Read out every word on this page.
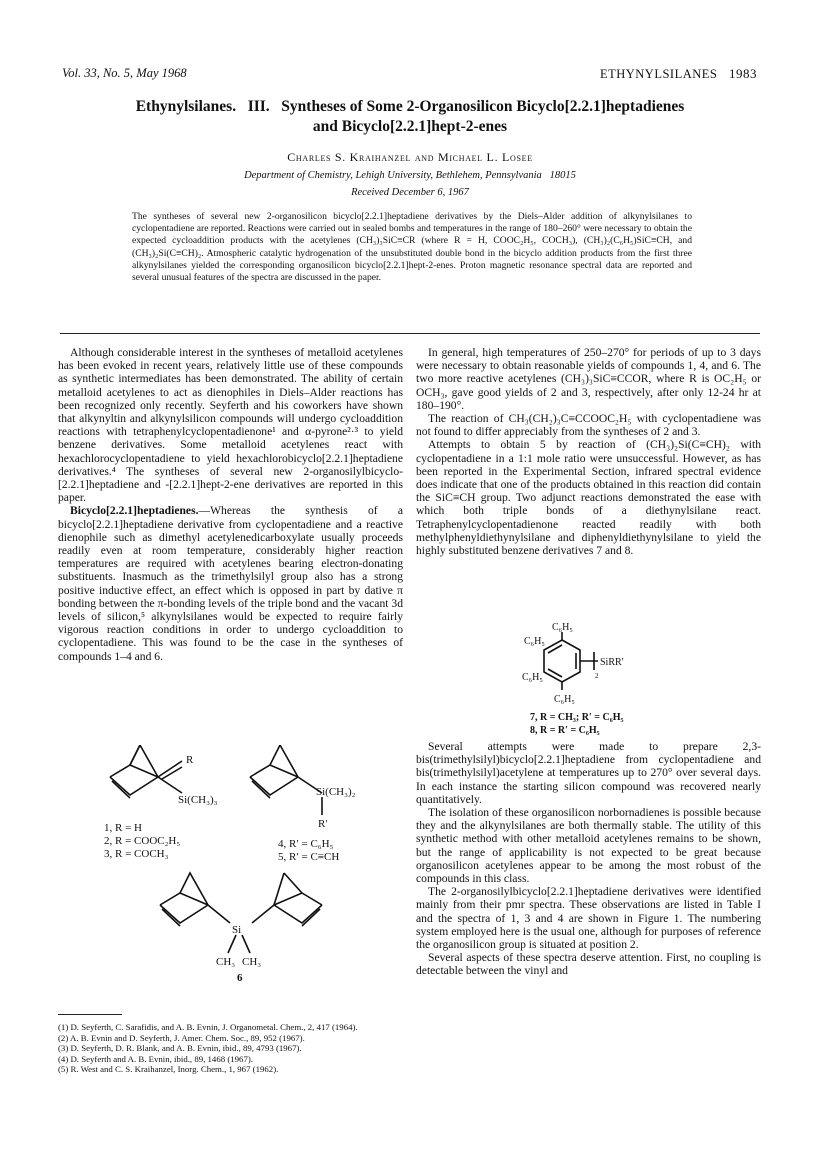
Vol. 33, No. 5, May 1968	ETHYNYLSILANES 1983
Ethynylsilanes.   III.   Syntheses of Some 2-Organosilicon Bicyclo[2.2.1]heptadienes
and Bicyclo[2.2.1]hept-2-enes
Charles S. Kraihanzel and Michael L. Losee
Department of Chemistry, Lehigh University, Bethlehem, Pennsylvania   18015
Received December 6, 1967
The syntheses of several new 2-organosilicon bicyclo[2.2.1]heptadiene derivatives by the Diels–Alder addition of alkynylsilanes to cyclopentadiene are reported. Reactions were carried out in sealed bombs and temperatures in the range of 180–260° were necessary to obtain the expected cycloaddition products with the acetylenes (CH₃)₃SiC≡CR (where R = H, COOC₂H₅, COCH₃), (CH₃)₂(C₆H₅)SiC≡CH, and (CH₃)₂Si(C≡CH)₂. Atmospheric catalytic hydrogenation of the unsubstituted double bond in the bicyclo addition products from the first three alkynylsilanes yielded the corresponding organosilicon bicyclo[2.2.1]hept-2-enes. Proton magnetic resonance spectral data are reported and several unusual features of the spectra are discussed in the paper.

Although considerable interest in the syntheses of metalloid acetylenes has been evoked in recent years, relatively little use of these compounds as synthetic intermediates has been demonstrated. The ability of certain metalloid acetylenes to act as dienophiles in Diels–Alder reactions has been recognized only recently. Seyferth and his coworkers have shown that alkynyltin and alkynylsilicon compounds will undergo cycloaddition reactions with tetraphenylcyclopentadienone¹ and α-pyrone²·³ to yield benzene derivatives. Some metalloid acetylenes react with hexachlorocyclopentadiene to yield hexachlorobicyclo[2.2.1]heptadiene derivatives.⁴ The syntheses of several new 2-organosilylbicyclo-[2.2.1]heptadiene and -[2.2.1]hept-2-ene derivatives are reported in this paper.

Bicyclo[2.2.1]heptadienes.—Whereas the synthesis of a bicyclo[2.2.1]heptadiene derivative from cyclopentadiene and a reactive dienophile such as dimethyl acetylenedicarboxylate usually proceeds readily even at room temperature, considerably higher reaction temperatures are required with acetylenes bearing electron-donating substituents. Inasmuch as the trimethylsilyl group also has a strong positive inductive effect, an effect which is opposed in part by dative π bonding between the π-bonding levels of the triple bond and the vacant 3d levels of silicon,⁵ alkynylsilanes would be expected to require fairly vigorous reaction conditions in order to undergo cycloaddition to cyclopentadiene. This was found to be the case in the syntheses of compounds 1–4 and 6.

R
Si(CH₃)₃
1, R = H
2, R = COOC₂H₅
3, R = COCH₃
Si(CH₃)₂
R′
4, R′ = C₆H₅
5, R′ = C≡CH
Si
CH₃ CH₃
6
(1) D. Seyferth, C. Sarafidis, and A. B. Evnin, J. Organometal. Chem., 2, 417 (1964).
(2) A. B. Evnin and D. Seyferth, J. Amer. Chem. Soc., 89, 952 (1967).
(3) D. Seyferth, D. R. Blank, and A. B. Evnin, ibid., 89, 4793 (1967).
(4) D. Seyferth and A. B. Evnin, ibid., 89, 1468 (1967).
(5) R. West and C. S. Kraihanzel, Inorg. Chem., 1, 967 (1962).

In general, high temperatures of 250–270° for periods of up to 3 days were necessary to obtain reasonable yields of compounds 1, 4, and 6. The two more reactive acetylenes (CH₃)₃SiC≡CCOR, where R is OC₂H₅ or OCH₃, gave good yields of 2 and 3, respectively, after only 12-24 hr at 180–190°.

The reaction of CH₃(CH₂)₃C≡CCOOC₂H₅ with cyclopentadiene was not found to differ appreciably from the syntheses of 2 and 3.

Attempts to obtain 5 by reaction of (CH₃)₂Si(C≡CH)₂ with cyclopentadiene in a 1:1 mole ratio were unsuccessful. However, as has been reported in the Experimental Section, infrared spectral evidence does indicate that one of the products obtained in this reaction did contain the SiC≡CH group. Two adjunct reactions demonstrated the ease with which both triple bonds of a diethynylsilane react. Tetraphenylcyclopentadienone reacted readily with both methylphenyldiethynylsilane and diphenyldiethynylsilane to yield the highly substituted benzene derivatives 7 and 8.

C₆H₅
C₆H₅
C₆H₅
C₆H₅
SiRR′
2
7, R = CH₃; R′ = C₆H₅
8, R = R′ = C₆H₅

Several attempts were made to prepare 2,3-bis(trimethylsilyl)bicyclo[2.2.1]heptadiene from cyclopentadiene and bis(trimethylsilyl)acetylene at temperatures up to 270° over several days. In each instance the starting silicon compound was recovered nearly quantitatively.

The isolation of these organosilicon norbornadienes is possible because they and the alkynylsilanes are both thermally stable. The utility of this synthetic method with other metalloid acetylenes remains to be shown, but the range of applicability is not expected to be great because organosilicon acetylenes appear to be among the most robust of the compounds in this class.

The 2-organosilylbicyclo[2.2.1]heptadiene derivatives were identified mainly from their pmr spectra. These observations are listed in Table I and the spectra of 1, 3 and 4 are shown in Figure 1. The numbering system employed here is the usual one, although for purposes of reference the organosilicon group is situated at position 2.

Several aspects of these spectra deserve attention. First, no coupling is detectable between the vinyl and
